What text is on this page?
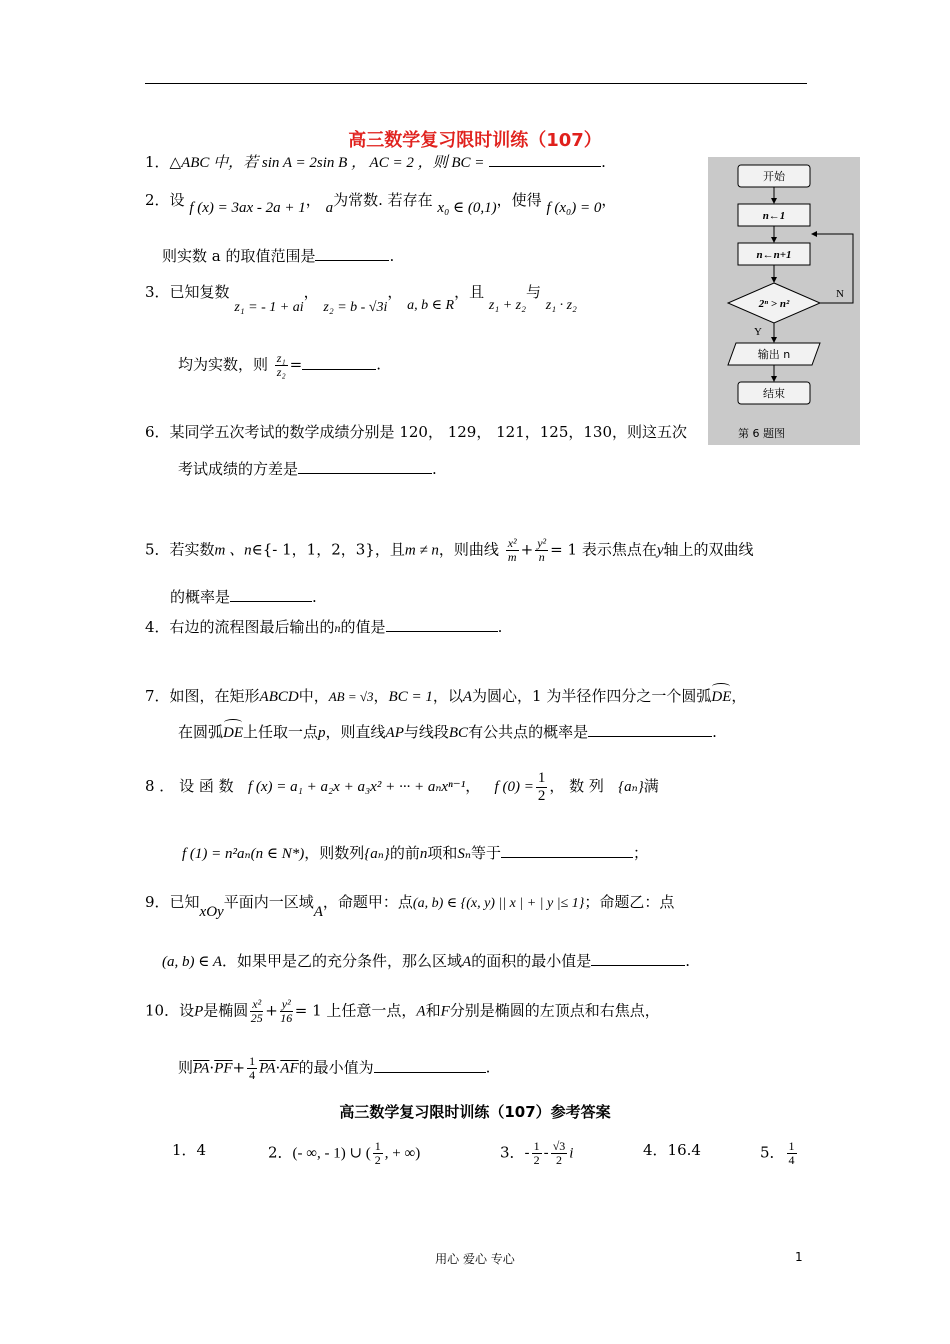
高三数学复习限时训练（107）
1．△ABC 中，若 sin A = 2sin B ， AC = 2 ，则 BC =	.
2．设 f (x) = 3ax - 2a + 1， a为常数. 若存在 x₀ ∈ (0,1)，使得 f (x₀) = 0，
则实数 a 的取值范围是	.
3．已知复数 z₁ = - 1 + ai， z₂ = b - √3i， a, b ∈ R，且 z₁ + z₂与 z₁ · z₂
均为实数，则 $\frac{\text{z₁}}{\text{z₂}}$ =	.
6．某同学五次考试的数学成绩分别是 120， 129， 121，125，130，则这五次
考试成绩的方差是	.
5．若实数m 、n∈{- 1，1，2，3}，且m ≠ n，则曲线 $\frac{\text{x²}}{m} + \frac{\text{y²}}{n} = 1$ 表示焦点在y轴上的双曲线
的概率是	.
4．右边的流程图最后输出的n的值是	.
7．如图，在矩形ABCD中，AB = √3，BC = 1，以A为圆心，1 为半径作四分之一个圆弧DE，
在圆弧DE上任取一点p，则直线AP与线段BC有公共点的概率是	.
8 ． 设 函 数 f (x) = a₁ + a₂x + a₃x² + ··· + aₙxⁿ⁻¹， f $(0) = \frac{1}{2}$ ， 数 列 {aₙ}满
f (1) = n²aₙ(n ∈ N*)，则数列{aₙ}的前n项和Sₙ等于	；
9．已知xOy平面内一区域A，命题甲：点(a, b) ∈ {(x, y) || x | + | y |≤ 1}；命题乙：点
(a, b) ∈ A．如果甲是乙的充分条件，那么区域A的面积的最小值是	.
10．设P是椭圆 $\frac{\text{x²}}{25} + \frac{\text{y²}}{16} = 1$ 上任意一点，A和F分别是椭圆的左顶点和右焦点，
则$\overline{PA}\cdot\overline{PF}+ \frac{1}{4} \overline{PA}\cdot\overline{AF}$的最小值为	.
高三数学复习限时训练（107）参考答案
1．4	2．(- ∞, - 1) ∪ ( $\frac{1}{2}$ , + ∞)	3．- $\frac{1}{2} - \frac{√3}{2}$ i	4．16.4	5． $\frac{1}{4}$
开始
n←1
n←n+1
2ⁿ > n²
N
Y
输出 n
结束
第 6 题图
用心 爱心 专心	1
